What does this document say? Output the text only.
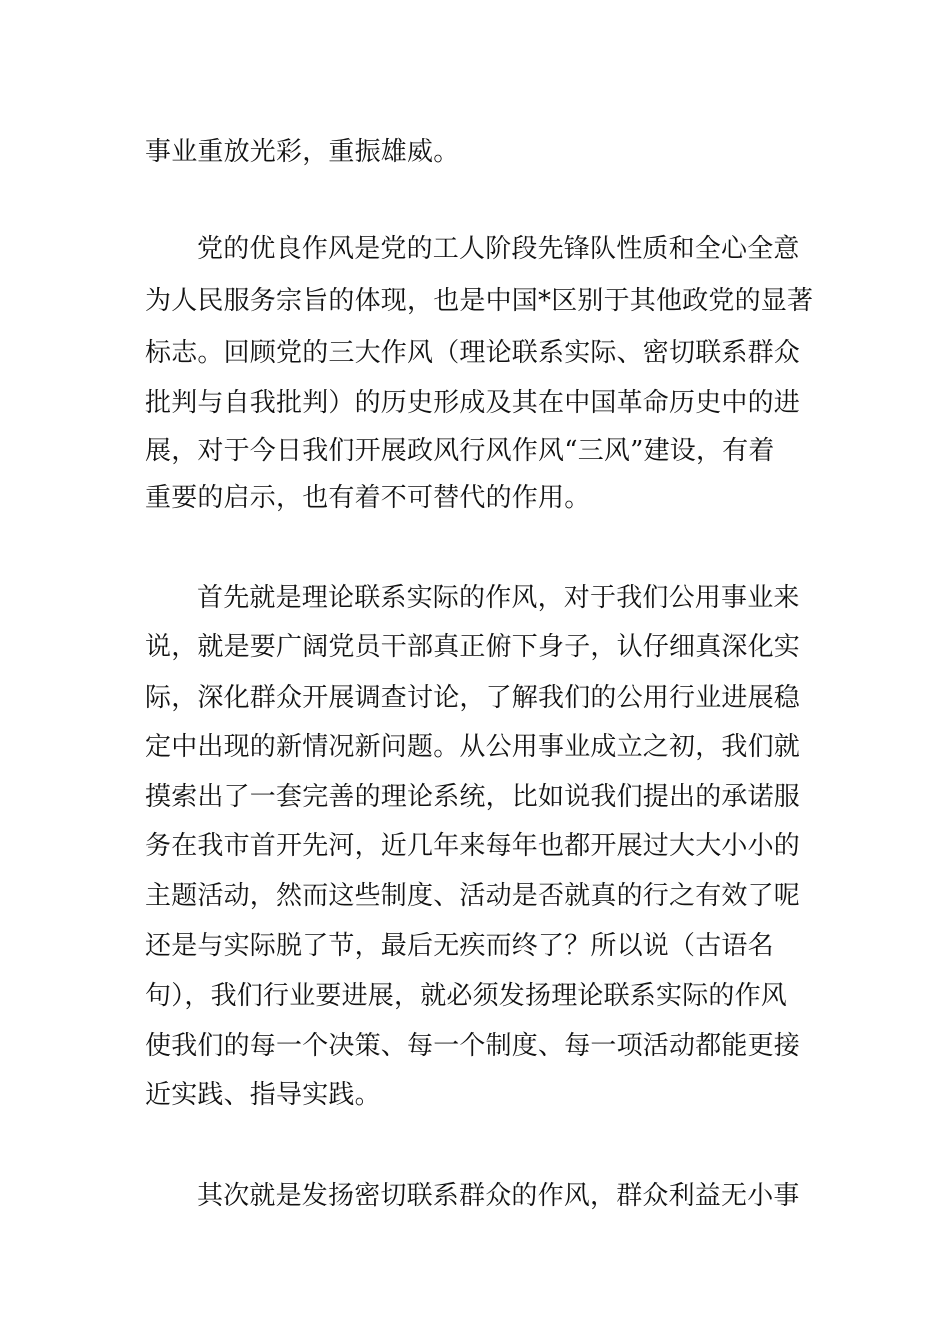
事业重放光彩，重振雄威。
党的优良作风是党的工人阶段先锋队性质和全心全意
为人民服务宗旨的体现，也是中国*区别于其他政党的显著
标志。回顾党的三大作风（理论联系实际、密切联系群众
批判与自我批判）的历史形成及其在中国革命历史中的进
展，对于今日我们开展政风行风作风“三风”建设，有着
重要的启示，也有着不可替代的作用。
首先就是理论联系实际的作风，对于我们公用事业来
说，就是要广阔党员干部真正俯下身子，认仔细真深化实
际，深化群众开展调查讨论，了解我们的公用行业进展稳
定中出现的新情况新问题。从公用事业成立之初，我们就
摸索出了一套完善的理论系统，比如说我们提出的承诺服
务在我市首开先河，近几年来每年也都开展过大大小小的
主题活动，然而这些制度、活动是否就真的行之有效了呢
还是与实际脱了节，最后无疾而终了？所以说（古语名
句），我们行业要进展，就必须发扬理论联系实际的作风
使我们的每一个决策、每一个制度、每一项活动都能更接
近实践、指导实践。
其次就是发扬密切联系群众的作风，群众利益无小事
